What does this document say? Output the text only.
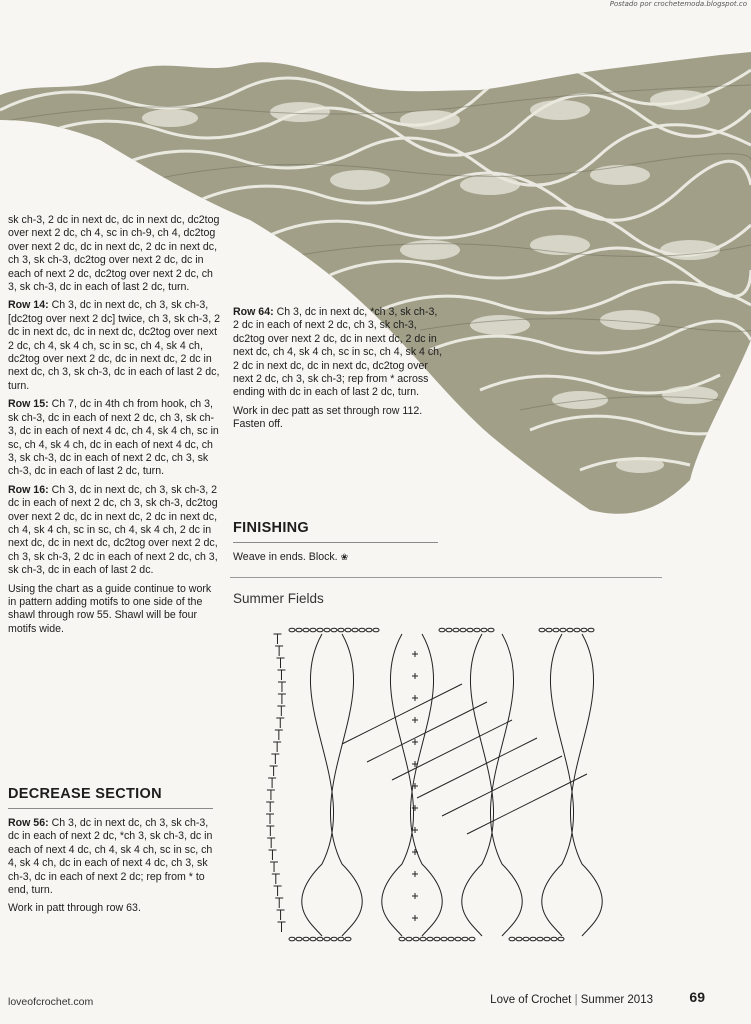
Postado por crochetemoda.blogspot.co

sk ch-3, 2 dc in next dc, dc in next dc, dc2tog over next 2 dc, ch 4, sc in ch-9, ch 4, dc2tog over next 2 dc, dc in next dc, 2 dc in next dc, ch 3, sk ch-3, dc2tog over next 2 dc, dc in each of next 2 dc, dc2tog over next 2 dc, ch 3, sk ch-3, dc in each of last 2 dc, turn.

Row 14: Ch 3, dc in next dc, ch 3, sk ch-3, [dc2tog over next 2 dc] twice, ch 3, sk ch-3, 2 dc in next dc, dc in next dc, dc2tog over next 2 dc, ch 4, sk 4 ch, sc in sc, ch 4, sk 4 ch, dc2tog over next 2 dc, dc in next dc, 2 dc in next dc, ch 3, sk ch-3, dc in each of last 2 dc, turn.

Row 15: Ch 7, dc in 4th ch from hook, ch 3, sk ch-3, dc in each of next 2 dc, ch 3, sk ch-3, dc in each of next 4 dc, ch 4, sk 4 ch, sc in sc, ch 4, sk 4 ch, dc in each of next 4 dc, ch 3, sk ch-3, dc in each of next 2 dc, ch 3, sk ch-3, dc in each of last 2 dc, turn.

Row 16: Ch 3, dc in next dc, ch 3, sk ch-3, 2 dc in each of next 2 dc, ch 3, sk ch-3, dc2tog over next 2 dc, dc in next dc, 2 dc in next dc, ch 4, sk 4 ch, sc in sc, ch 4, sk 4 ch, 2 dc in next dc, dc in next dc, dc2tog over next 2 dc, ch 3, sk ch-3, 2 dc in each of next 2 dc, ch 3, sk ch-3, dc in each of last 2 dc.

Using the chart as a guide continue to work in pattern adding motifs to one side of the shawl through row 55. Shawl will be four motifs wide.

DECREASE SECTION

Row 56: Ch 3, dc in next dc, ch 3, sk ch-3, dc in each of next 2 dc, *ch 3, sk ch-3, dc in each of next 4 dc, ch 4, sk 4 ch, sc in sc, ch 4, sk 4 ch, dc in each of next 4 dc, ch 3, sk ch-3, dc in each of next 2 dc; rep from * to end, turn.

Work in patt through row 63.

Row 64: Ch 3, dc in next dc, *ch 3, sk ch-3, 2 dc in each of next 2 dc, ch 3, sk ch-3, dc2tog over next 2 dc, dc in next dc, 2 dc in next dc, ch 4, sk 4 ch, sc in sc, ch 4, sk 4 ch, 2 dc in next dc, dc in next dc, dc2tog over next 2 dc, ch 3, sk ch-3; rep from * across ending with dc in each of last 2 dc, turn.

Work in dec patt as set through row 112. Fasten off.

FINISHING
Weave in ends. Block. ❀
Summer Fields
loveofcrochet.com	Love of Crochet | Summer 2013	69
